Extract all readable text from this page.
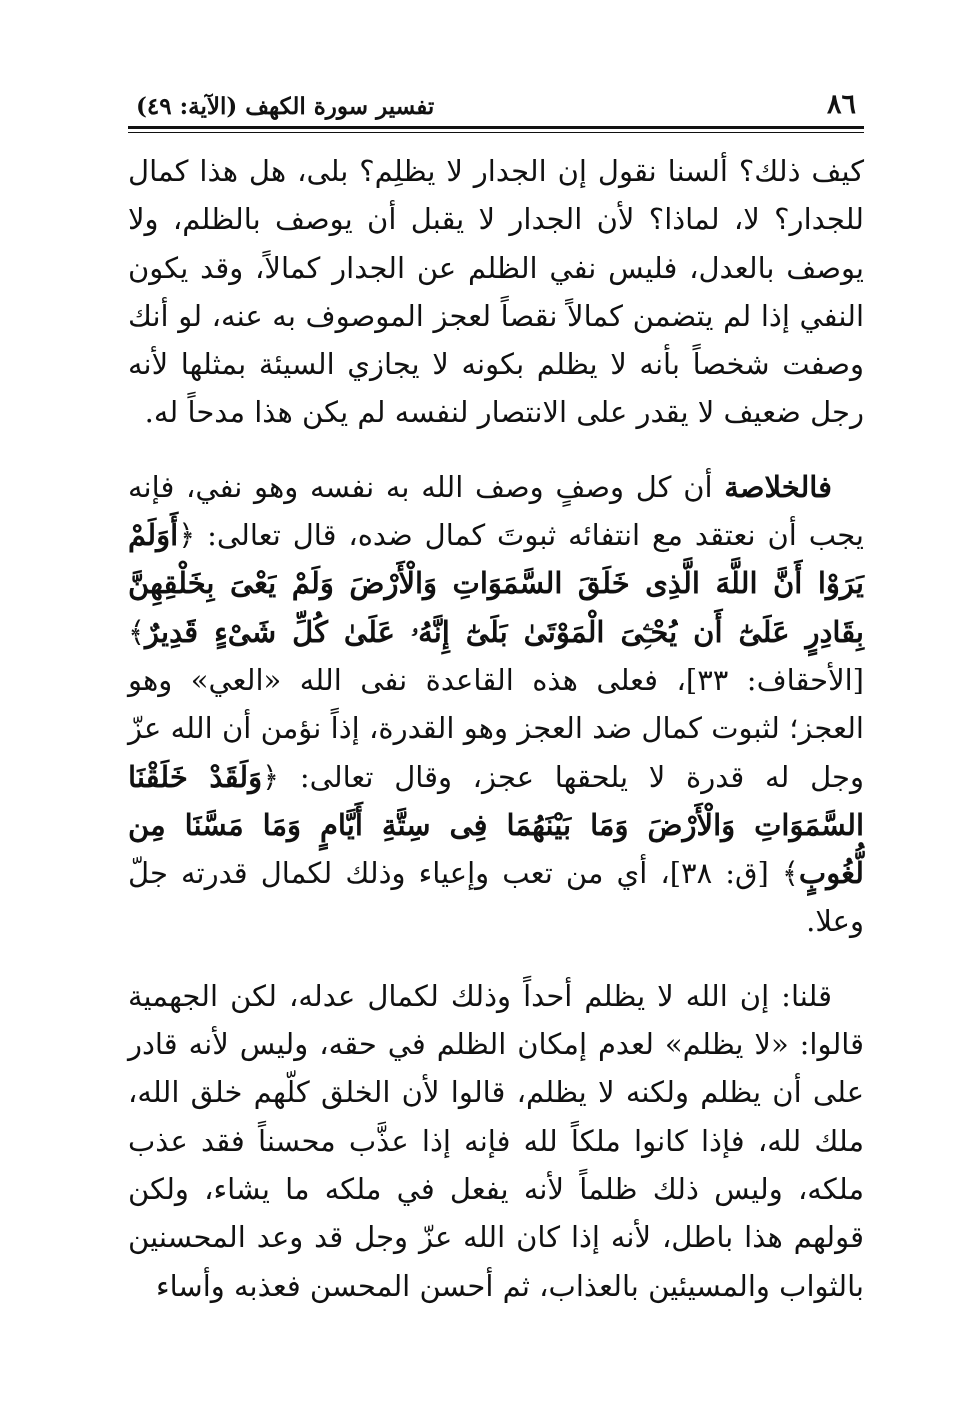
٨٦
تفسير سورة الكهف (الآية: ٤٩)

كيف ذلك؟ ألسنا نقول إن الجدار لا يظلِم؟ بلى، هل هذا كمال للجدار؟ لا، لماذا؟ لأن الجدار لا يقبل أن يوصف بالظلم، ولا يوصف بالعدل، فليس نفي الظلم عن الجدار كمالاً، وقد يكون النفي إذا لم يتضمن كمالاً نقصاً لعجز الموصوف به عنه، لو أنك وصفت شخصاً بأنه لا يظلم بكونه لا يجازي السيئة بمثلها لأنه رجل ضعيف لا يقدر على الانتصار لنفسه لم يكن هذا مدحاً له.

فالخلاصة أن كل وصفٍ وصف الله به نفسه وهو نفي، فإنه يجب أن نعتقد مع انتفائه ثبوتَ كمال ضده، قال تعالى: ﴿أَوَلَمْ يَرَوْا أَنَّ اللَّهَ الَّذِى خَلَقَ السَّمَوَاتِ وَالْأَرْضَ وَلَمْ يَعْىَ بِخَلْقِهِنَّ بِقَادِرٍ عَلَىٰٓ أَن يُحْـِۧىَ الْمَوْتَىٰ بَلَىٰٓ إِنَّهُۥ عَلَىٰ كُلِّ شَىْءٍ قَدِيرٌ﴾ [الأحقاف: ٣٣]، فعلى هذه القاعدة نفى الله «العي» وهو العجز؛ لثبوت كمال ضد العجز وهو القدرة، إذاً نؤمن أن الله عزّ وجل له قدرة لا يلحقها عجز، وقال تعالى: ﴿وَلَقَدْ خَلَقْنَا السَّمَوَاتِ وَالْأَرْضَ وَمَا بَيْنَهُمَا فِى سِتَّةِ أَيَّامٍ وَمَا مَسَّنَا مِن لُّغُوبٍ﴾ [ق: ٣٨]، أي من تعب وإعياء وذلك لكمال قدرته جلّ وعلا.

قلنا: إن الله لا يظلم أحداً وذلك لكمال عدله، لكن الجهمية قالوا: «لا يظلم» لعدم إمكان الظلم في حقه، وليس لأنه قادر على أن يظلم ولكنه لا يظلم، قالوا لأن الخلق كلّهم خلق الله، ملك لله، فإذا كانوا ملكاً لله فإنه إذا عذَّب محسناً فقد عذب ملكه، وليس ذلك ظلماً لأنه يفعل في ملكه ما يشاء، ولكن قولهم هذا باطل، لأنه إذا كان الله عزّ وجل قد وعد المحسنين بالثواب والمسيئين بالعذاب، ثم أحسن المحسن فعذبه وأساء
